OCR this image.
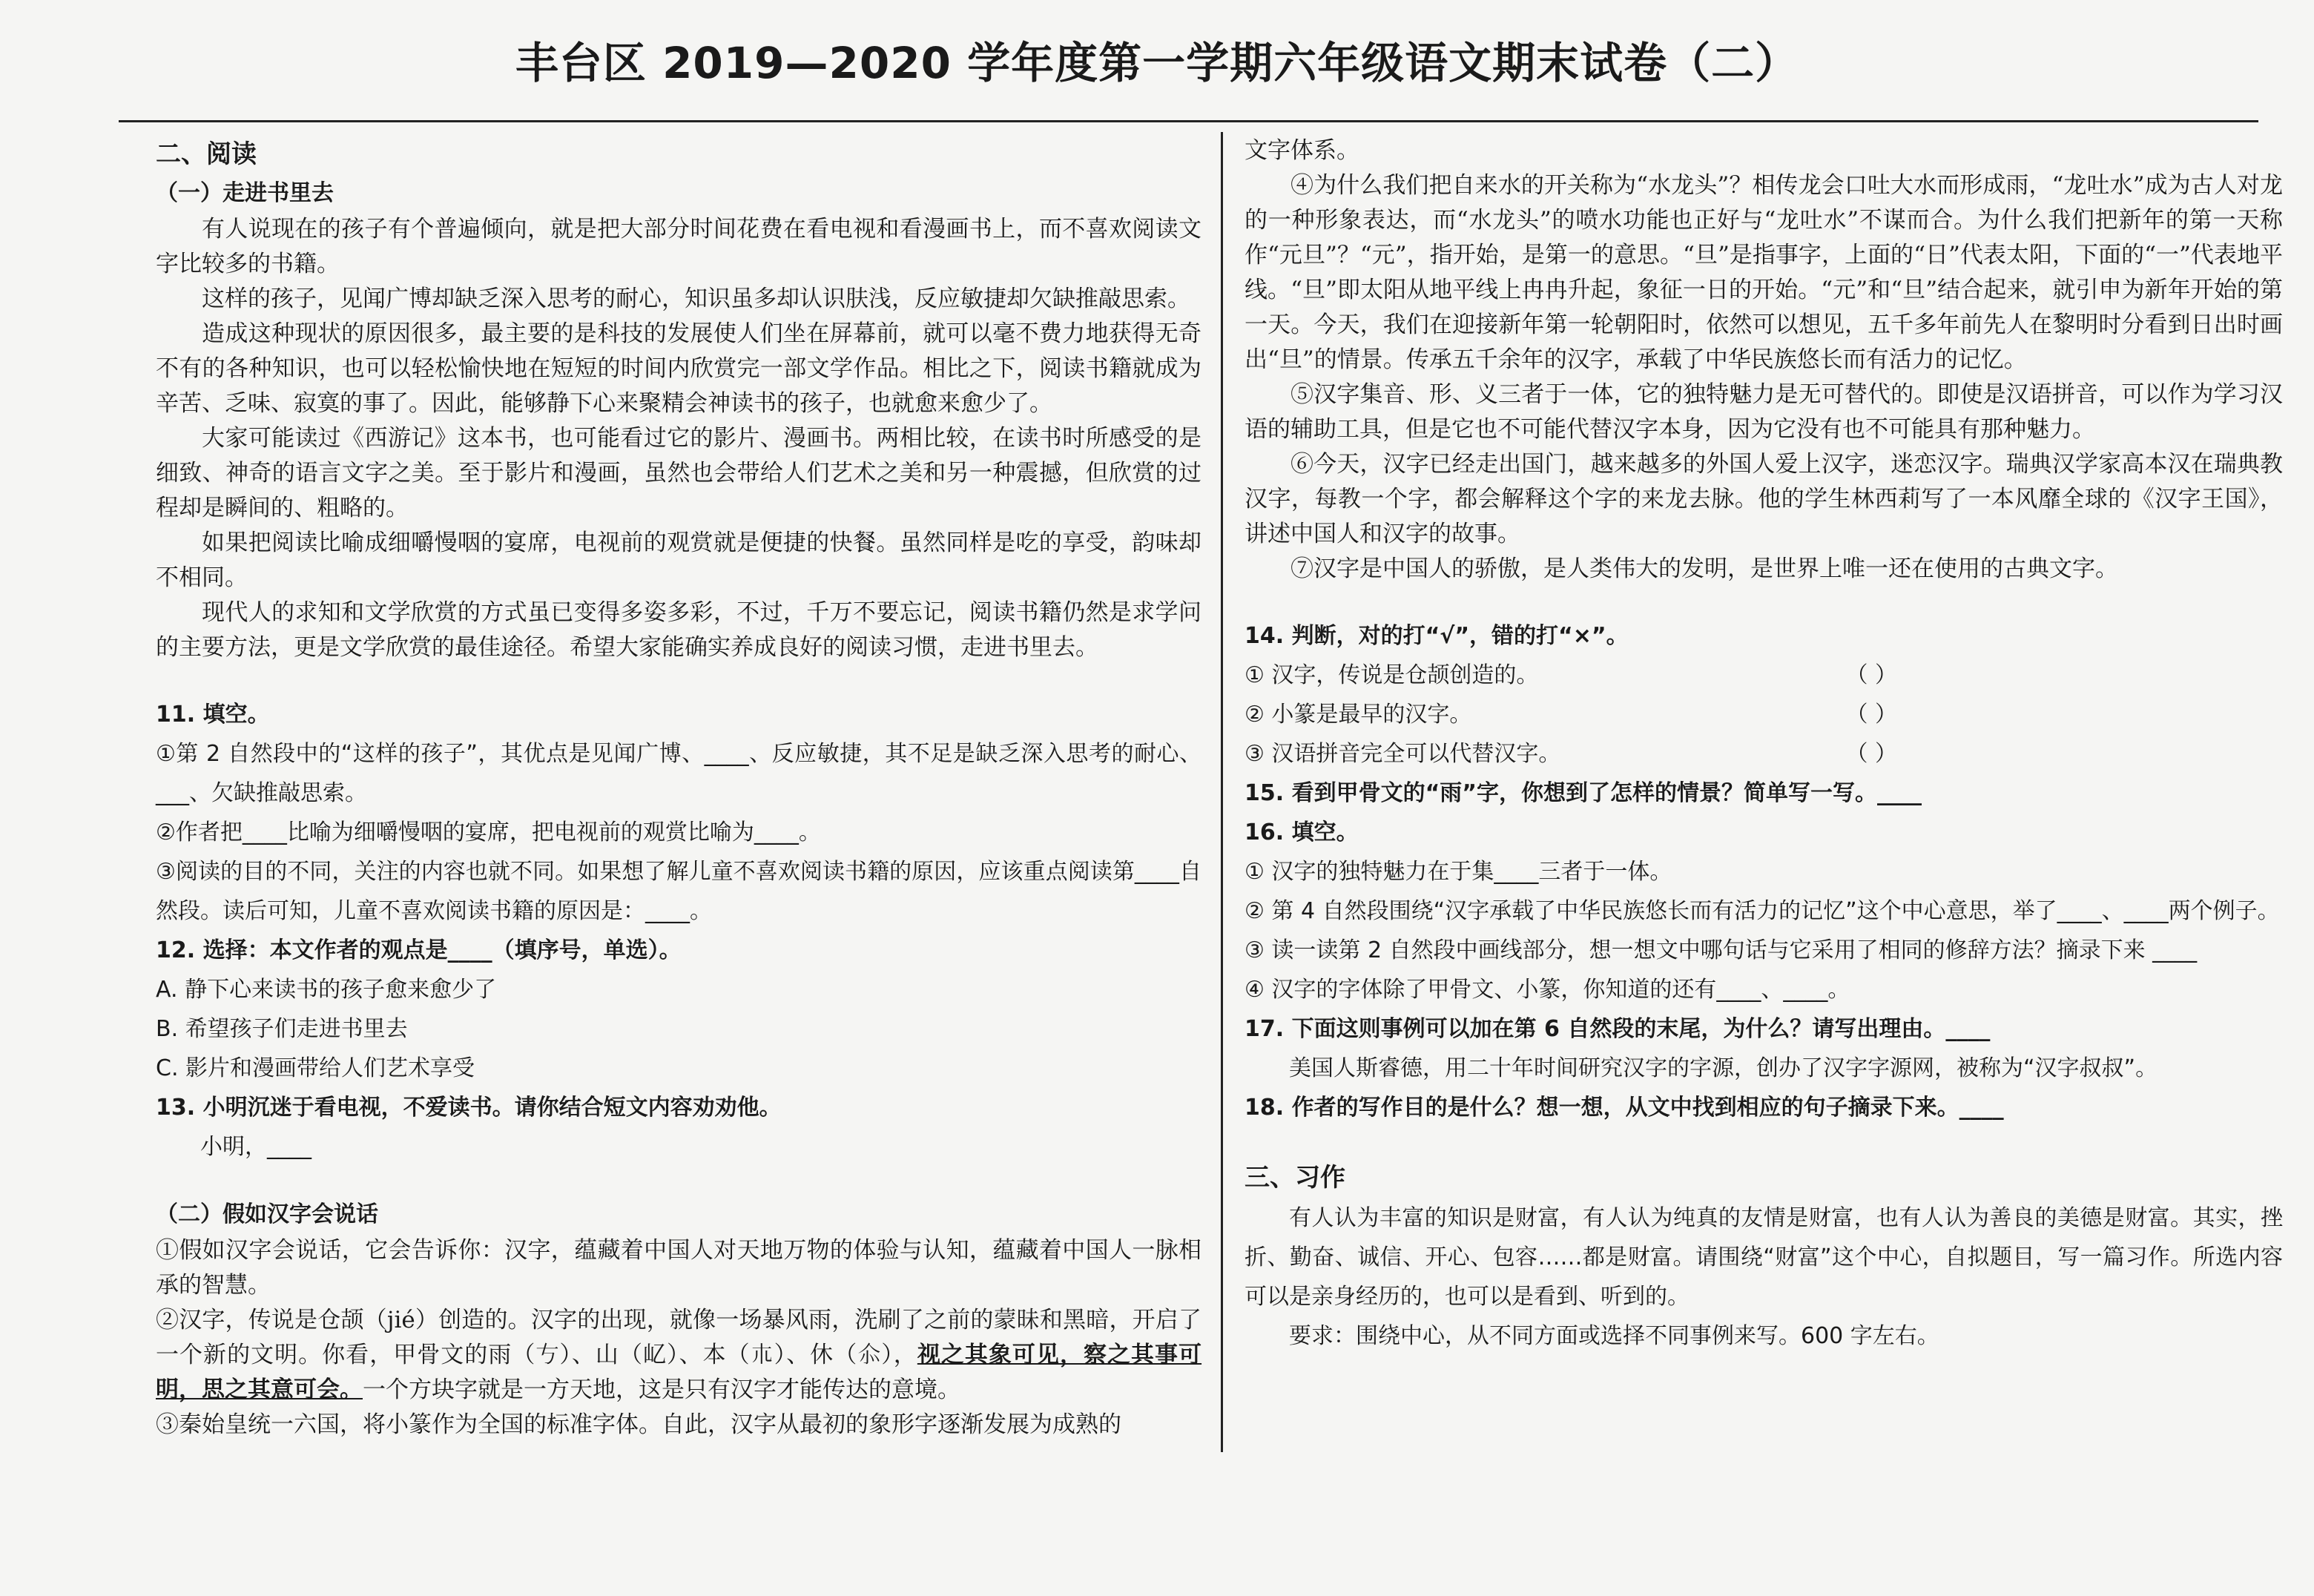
丰台区 2019—2020 学年度第一学期六年级语文期末试卷（二）

二、阅读

（一）走进书里去

有人说现在的孩子有个普遍倾向，就是把大部分时间花费在看电视和看漫画书上，而不喜欢阅读文字比较多的书籍。

这样的孩子，见闻广博却缺乏深入思考的耐心，知识虽多却认识肤浅，反应敏捷却欠缺推敲思索。

造成这种现状的原因很多，最主要的是科技的发展使人们坐在屏幕前，就可以毫不费力地获得无奇不有的各种知识，也可以轻松愉快地在短短的时间内欣赏完一部文学作品。相比之下，阅读书籍就成为辛苦、乏味、寂寞的事了。因此，能够静下心来聚精会神读书的孩子，也就愈来愈少了。

大家可能读过《西游记》这本书，也可能看过它的影片、漫画书。两相比较，在读书时所感受的是细致、神奇的语言文字之美。至于影片和漫画，虽然也会带给人们艺术之美和另一种震撼，但欣赏的过程却是瞬间的、粗略的。

如果把阅读比喻成细嚼慢咽的宴席，电视前的观赏就是便捷的快餐。虽然同样是吃的享受，韵味却不相同。

现代人的求知和文学欣赏的方式虽已变得多姿多彩，不过，千万不要忘记，阅读书籍仍然是求学问的主要方法，更是文学欣赏的最佳途径。希望大家能确实养成良好的阅读习惯，走进书里去。

11. 填空。

①第 2 自然段中的“这样的孩子”，其优点是见闻广博、____、反应敏捷，其不足是缺乏深入思考的耐心、___、欠缺推敲思索。

②作者把____比喻为细嚼慢咽的宴席，把电视前的观赏比喻为____。

③阅读的目的不同，关注的内容也就不同。如果想了解儿童不喜欢阅读书籍的原因，应该重点阅读第____自然段。读后可知，儿童不喜欢阅读书籍的原因是：____。

12. 选择：本文作者的观点是____（填序号，单选）。

A. 静下心来读书的孩子愈来愈少了

B. 希望孩子们走进书里去

C. 影片和漫画带给人们艺术享受

13. 小明沉迷于看电视，不爱读书。请你结合短文内容劝劝他。

小明，____

（二）假如汉字会说话

①假如汉字会说话，它会告诉你：汉字，蕴藏着中国人对天地万物的体验与认知，蕴藏着中国人一脉相承的智慧。

②汉字，传说是仓颉（jié）创造的。汉字的出现，就像一场暴风雨，洗刷了之前的蒙昧和黑暗，开启了一个新的文明。你看，甲骨文的雨（𠀁）、山（𡴭）、本（𣎳）、休（𠇍），视之其象可见，察之其事可明，思之其意可会。一个方块字就是一方天地，这是只有汉字才能传达的意境。

③秦始皇统一六国，将小篆作为全国的标准字体。自此，汉字从最初的象形字逐渐发展为成熟的

文字体系。

④为什么我们把自来水的开关称为“水龙头”？相传龙会口吐大水而形成雨，“龙吐水”成为古人对龙的一种形象表达，而“水龙头”的喷水功能也正好与“龙吐水”不谋而合。为什么我们把新年的第一天称作“元旦”？“元”，指开始，是第一的意思。“旦”是指事字，上面的“日”代表太阳，下面的“一”代表地平线。“旦”即太阳从地平线上冉冉升起，象征一日的开始。“元”和“旦”结合起来，就引申为新年开始的第一天。今天，我们在迎接新年第一轮朝阳时，依然可以想见，五千多年前先人在黎明时分看到日出时画出“旦”的情景。传承五千余年的汉字，承载了中华民族悠长而有活力的记忆。

⑤汉字集音、形、义三者于一体，它的独特魅力是无可替代的。即使是汉语拼音，可以作为学习汉语的辅助工具，但是它也不可能代替汉字本身，因为它没有也不可能具有那种魅力。

⑥今天，汉字已经走出国门，越来越多的外国人爱上汉字，迷恋汉字。瑞典汉学家高本汉在瑞典教汉字，每教一个字，都会解释这个字的来龙去脉。他的学生林西莉写了一本风靡全球的《汉字王国》，讲述中国人和汉字的故事。

⑦汉字是中国人的骄傲，是人类伟大的发明，是世界上唯一还在使用的古典文字。

14. 判断，对的打“√”，错的打“×”。

① 汉字，传说是仓颉创造的。	（ ）
② 小篆是最早的汉字。	（ ）
③ 汉语拼音完全可以代替汉字。	（ ）

15. 看到甲骨文的“雨”字，你想到了怎样的情景？简单写一写。____

16. 填空。

① 汉字的独特魅力在于集____三者于一体。

② 第 4 自然段围绕“汉字承载了中华民族悠长而有活力的记忆”这个中心意思，举了____、____两个例子。

③ 读一读第 2 自然段中画线部分，想一想文中哪句话与它采用了相同的修辞方法？摘录下来 ____

④ 汉字的字体除了甲骨文、小篆，你知道的还有____、____。

17. 下面这则事例可以加在第 6 自然段的末尾，为什么？请写出理由。____

美国人斯睿德，用二十年时间研究汉字的字源，创办了汉字字源网，被称为“汉字叔叔”。

18. 作者的写作目的是什么？想一想，从文中找到相应的句子摘录下来。____

三、习作

有人认为丰富的知识是财富，有人认为纯真的友情是财富，也有人认为善良的美德是财富。其实，挫折、勤奋、诚信、开心、包容……都是财富。请围绕“财富”这个中心，自拟题目，写一篇习作。所选内容可以是亲身经历的，也可以是看到、听到的。

要求：围绕中心，从不同方面或选择不同事例来写。600 字左右。
